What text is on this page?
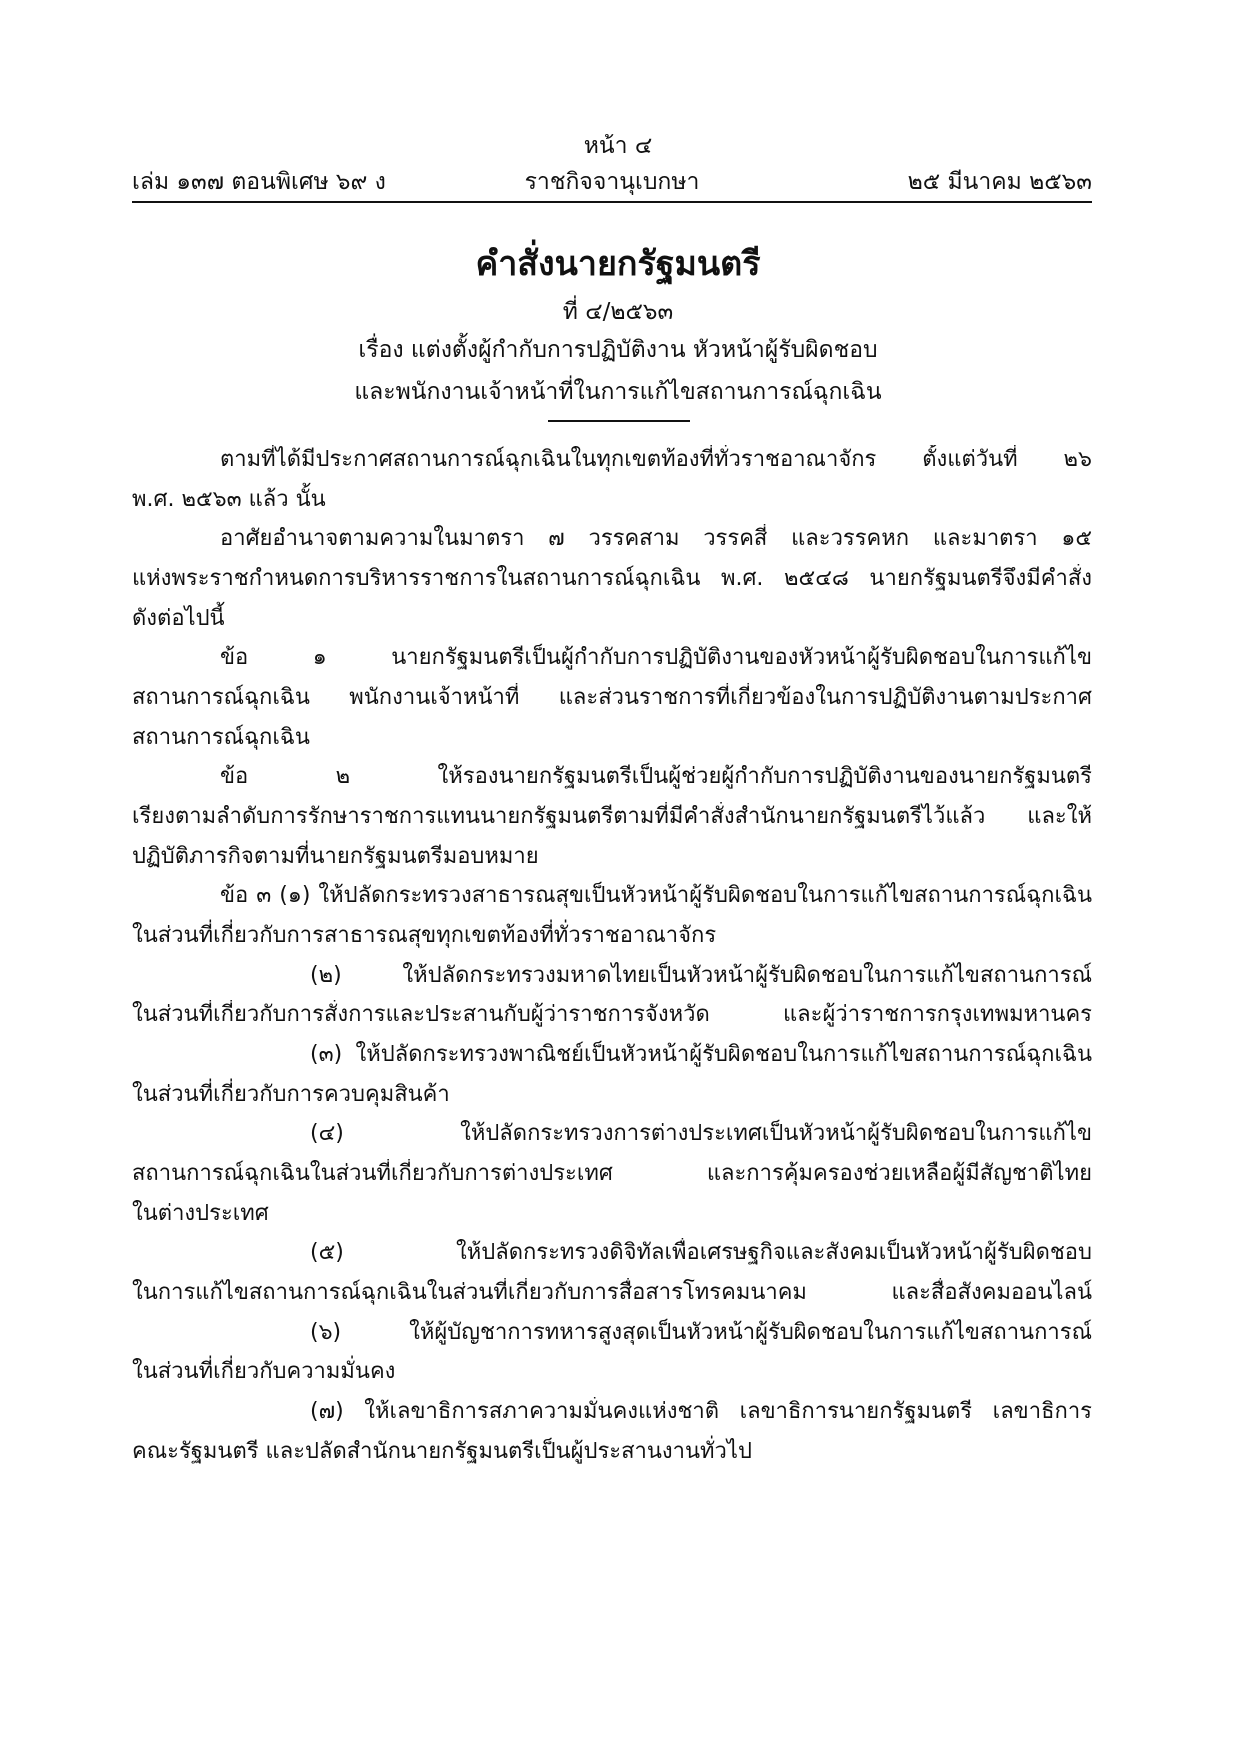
หน้า ๔
เล่ม ๑๓๗ ตอนพิเศษ ๖๙ ง	ราชกิจจานุเบกษา	๒๕ มีนาคม ๒๕๖๓
คำสั่งนายกรัฐมนตรี
ที่ ๔/๒๕๖๓
เรื่อง แต่งตั้งผู้กำกับการปฏิบัติงาน หัวหน้าผู้รับผิดชอบ
และพนักงานเจ้าหน้าที่ในการแก้ไขสถานการณ์ฉุกเฉิน
ตามที่ได้มีประกาศสถานการณ์ฉุกเฉินในทุกเขตท้องที่ทั่วราชอาณาจักร ตั้งแต่วันที่ ๒๖
พ.ศ. ๒๕๖๓ แล้ว นั้น
อาศัยอำนาจตามความในมาตรา ๗ วรรคสาม วรรคสี่ และวรรคหก และมาตรา ๑๕
แห่งพระราชกำหนดการบริหารราชการในสถานการณ์ฉุกเฉิน พ.ศ. ๒๕๔๘ นายกรัฐมนตรีจึงมีคำสั่ง
ดังต่อไปนี้
ข้อ ๑ นายกรัฐมนตรีเป็นผู้กำกับการปฏิบัติงานของหัวหน้าผู้รับผิดชอบในการแก้ไข
สถานการณ์ฉุกเฉิน พนักงานเจ้าหน้าที่ และส่วนราชการที่เกี่ยวข้องในการปฏิบัติงานตามประกาศ
สถานการณ์ฉุกเฉิน
ข้อ ๒ ให้รองนายกรัฐมนตรีเป็นผู้ช่วยผู้กำกับการปฏิบัติงานของนายกรัฐมนตรี
เรียงตามลำดับการรักษาราชการแทนนายกรัฐมนตรีตามที่มีคำสั่งสำนักนายกรัฐมนตรีไว้แล้ว และให้
ปฏิบัติภารกิจตามที่นายกรัฐมนตรีมอบหมาย
ข้อ ๓ (๑) ให้ปลัดกระทรวงสาธารณสุขเป็นหัวหน้าผู้รับผิดชอบในการแก้ไขสถานการณ์ฉุกเฉิน
ในส่วนที่เกี่ยวกับการสาธารณสุขทุกเขตท้องที่ทั่วราชอาณาจักร
(๒) ให้ปลัดกระทรวงมหาดไทยเป็นหัวหน้าผู้รับผิดชอบในการแก้ไขสถานการณ์
ในส่วนที่เกี่ยวกับการสั่งการและประสานกับผู้ว่าราชการจังหวัด และผู้ว่าราชการกรุงเทพมหานคร
(๓) ให้ปลัดกระทรวงพาณิชย์เป็นหัวหน้าผู้รับผิดชอบในการแก้ไขสถานการณ์ฉุกเฉิน
ในส่วนที่เกี่ยวกับการควบคุมสินค้า
(๔) ให้ปลัดกระทรวงการต่างประเทศเป็นหัวหน้าผู้รับผิดชอบในการแก้ไข
สถานการณ์ฉุกเฉินในส่วนที่เกี่ยวกับการต่างประเทศ และการคุ้มครองช่วยเหลือผู้มีสัญชาติไทย
ในต่างประเทศ
(๕) ให้ปลัดกระทรวงดิจิทัลเพื่อเศรษฐกิจและสังคมเป็นหัวหน้าผู้รับผิดชอบ
ในการแก้ไขสถานการณ์ฉุกเฉินในส่วนที่เกี่ยวกับการสื่อสารโทรคมนาคม และสื่อสังคมออนไลน์
(๖) ให้ผู้บัญชาการทหารสูงสุดเป็นหัวหน้าผู้รับผิดชอบในการแก้ไขสถานการณ์
ในส่วนที่เกี่ยวกับความมั่นคง
(๗) ให้เลขาธิการสภาความมั่นคงแห่งชาติ เลขาธิการนายกรัฐมนตรี เลขาธิการ
คณะรัฐมนตรี และปลัดสำนักนายกรัฐมนตรีเป็นผู้ประสานงานทั่วไป
